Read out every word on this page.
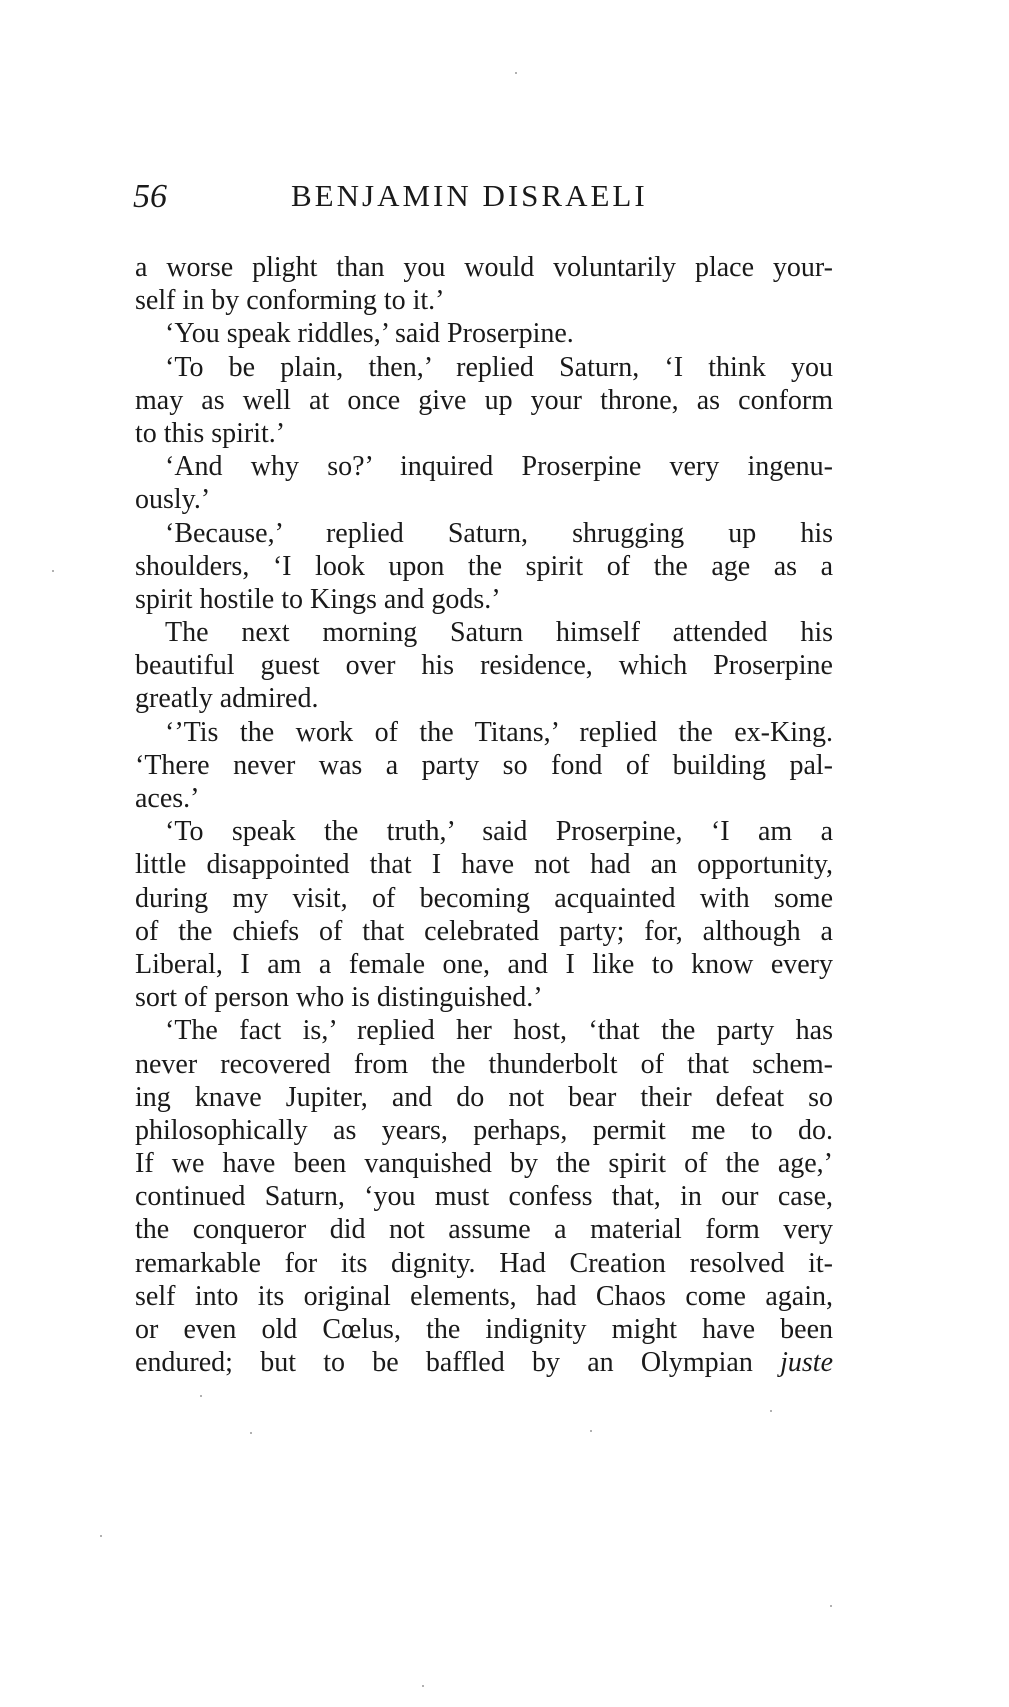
56	BENJAMIN DISRAELI
a worse plight than you would voluntarily place your-
self in by conforming to it.’
‘You speak riddles,’ said Proserpine.
‘To be plain, then,’ replied Saturn, ‘I think you
may as well at once give up your throne, as conform
to this spirit.’
‘And why so?’ inquired Proserpine very ingenu-
ously.’
‘Because,’ replied Saturn, shrugging up his
shoulders, ‘I look upon the spirit of the age as a
spirit hostile to Kings and gods.’
The next morning Saturn himself attended his
beautiful guest over his residence, which Proserpine
greatly admired.
‘’Tis the work of the Titans,’ replied the ex-King.
‘There never was a party so fond of building pal-
aces.’
‘To speak the truth,’ said Proserpine, ‘I am a
little disappointed that I have not had an opportunity,
during my visit, of becoming acquainted with some
of the chiefs of that celebrated party; for, although a
Liberal, I am a female one, and I like to know every
sort of person who is distinguished.’
‘The fact is,’ replied her host, ‘that the party has
never recovered from the thunderbolt of that schem-
ing knave Jupiter, and do not bear their defeat so
philosophically as years, perhaps, permit me to do.
If we have been vanquished by the spirit of the age,’
continued Saturn, ‘you must confess that, in our case,
the conqueror did not assume a material form very
remarkable for its dignity. Had Creation resolved it-
self into its original elements, had Chaos come again,
or even old Cœlus, the indignity might have been
endured; but to be baffled by an Olympian juste
